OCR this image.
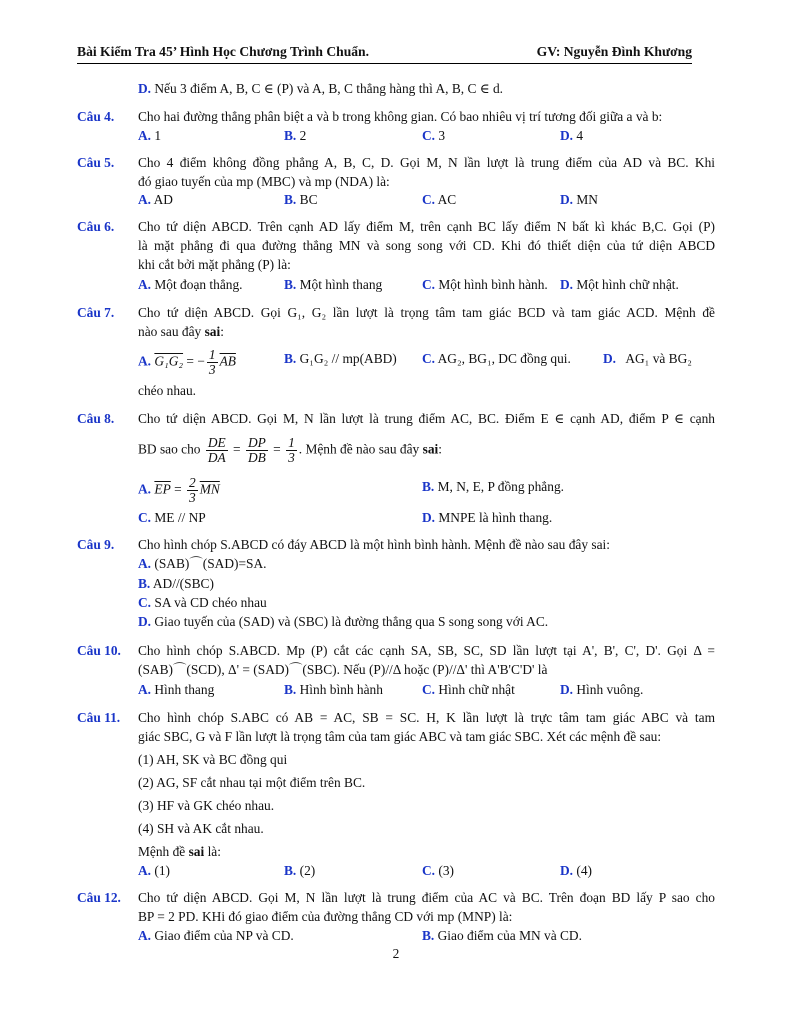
Bài Kiểm Tra 45’ Hình Học Chương Trình Chuẩn.	GV: Nguyễn Đình Khương
D. Nếu 3 điểm A, B, C ∈ (P) và A, B, C thẳng hàng thì A, B, C ∈ d.
Câu 4. Cho hai đường thẳng phân biệt a và b trong không gian. Có bao nhiêu vị trí tương đối giữa a và b:
A. 1	B. 2	C. 3	D. 4
Câu 5. Cho 4 điểm không đồng phẳng A, B, C, D. Gọi M, N lần lượt là trung điểm của AD và BC. Khi
đó giao tuyến của mp (MBC) và mp (NDA) là:
A. AD	B. BC	C. AC	D. MN
Câu 6. Cho tứ diện ABCD. Trên cạnh AD lấy điểm M, trên cạnh BC lấy điểm N bất kì khác B,C. Gọi (P)
là mặt phẳng đi qua đường thẳng MN và song song với CD. Khi đó thiết diện của tứ diện ABCD
khi cắt bởi mặt phẳng (P) là:
A. Một đoạn thẳng.	B. Một hình thang	C. Một hình bình hành. D. Một hình chữ nhật.
Câu 7. Cho tứ diện ABCD. Gọi G₁, G₂ lần lượt là trọng tâm tam giác BCD và tam giác ACD. Mệnh đề
nào sau đây sai:
A. G₁G₂ = − $\frac{1}{3} \overline{AB}$	B. G₁G₂ // mp(ABD) C. AG₂, BG₁, DC đồng qui. D. AG₁ và BG₂
chéo nhau.
Câu 8. Cho tứ diện ABCD. Gọi M, N lần lượt là trung điểm AC, BC. Điểm E ∈ cạnh AD, điểm P ∈ cạnh
BD sao cho $\frac{DE}{DA} = \frac{DP}{DB} = \frac{1}{3}$ . Mệnh đề nào sau đây sai:
A. $\overline{EP} = \frac{2}{3} \overline{MN}$	B. M, N, E, P đồng phẳng.
C. ME // NP	D. MNPE là hình thang.
Câu 9. Cho hình chóp S.ABCD có đáy ABCD là một hình bình hành. Mệnh đề nào sau đây sai:
A. (SAB)⌒(SAD)=SA.
B. AD//(SBC)
C. SA và CD chéo nhau
D. Giao tuyến của (SAD) và (SBC) là đường thẳng qua S song song với AC.
Câu 10. Cho hình chóp S.ABCD. Mp (P) cắt các cạnh SA, SB, SC, SD lần lượt tại A', B', C', D'. Gọi Δ =
(SAB)⌒(SCD), Δ' = (SAD)⌒(SBC). Nếu (P)//Δ hoặc (P)//Δ' thì A'B'C'D' là
A. Hình thang	B. Hình bình hành	C. Hình chữ nhật	D. Hình vuông.
Câu 11. Cho hình chóp S.ABC có AB = AC, SB = SC. H, K lần lượt là trực tâm tam giác ABC và tam
giác SBC, G và F lần lượt là trọng tâm của tam giác ABC và tam giác SBC. Xét các mệnh đề sau:
(1) AH, SK và BC đồng qui
(2) AG, SF cắt nhau tại một điểm trên BC.
(3) HF và GK chéo nhau.
(4) SH và AK cắt nhau.
Mệnh đề sai là:
A. (1)	B. (2)	C. (3)	D. (4)
Câu 12. Cho tứ diện ABCD. Gọi M, N lần lượt là trung điểm của AC và BC. Trên đoạn BD lấy P sao cho
BP = 2 PD. KHi đó giao điểm của đường thẳng CD với mp (MNP) là:
A. Giao điểm của NP và CD.	B. Giao điểm của MN và CD.
2
